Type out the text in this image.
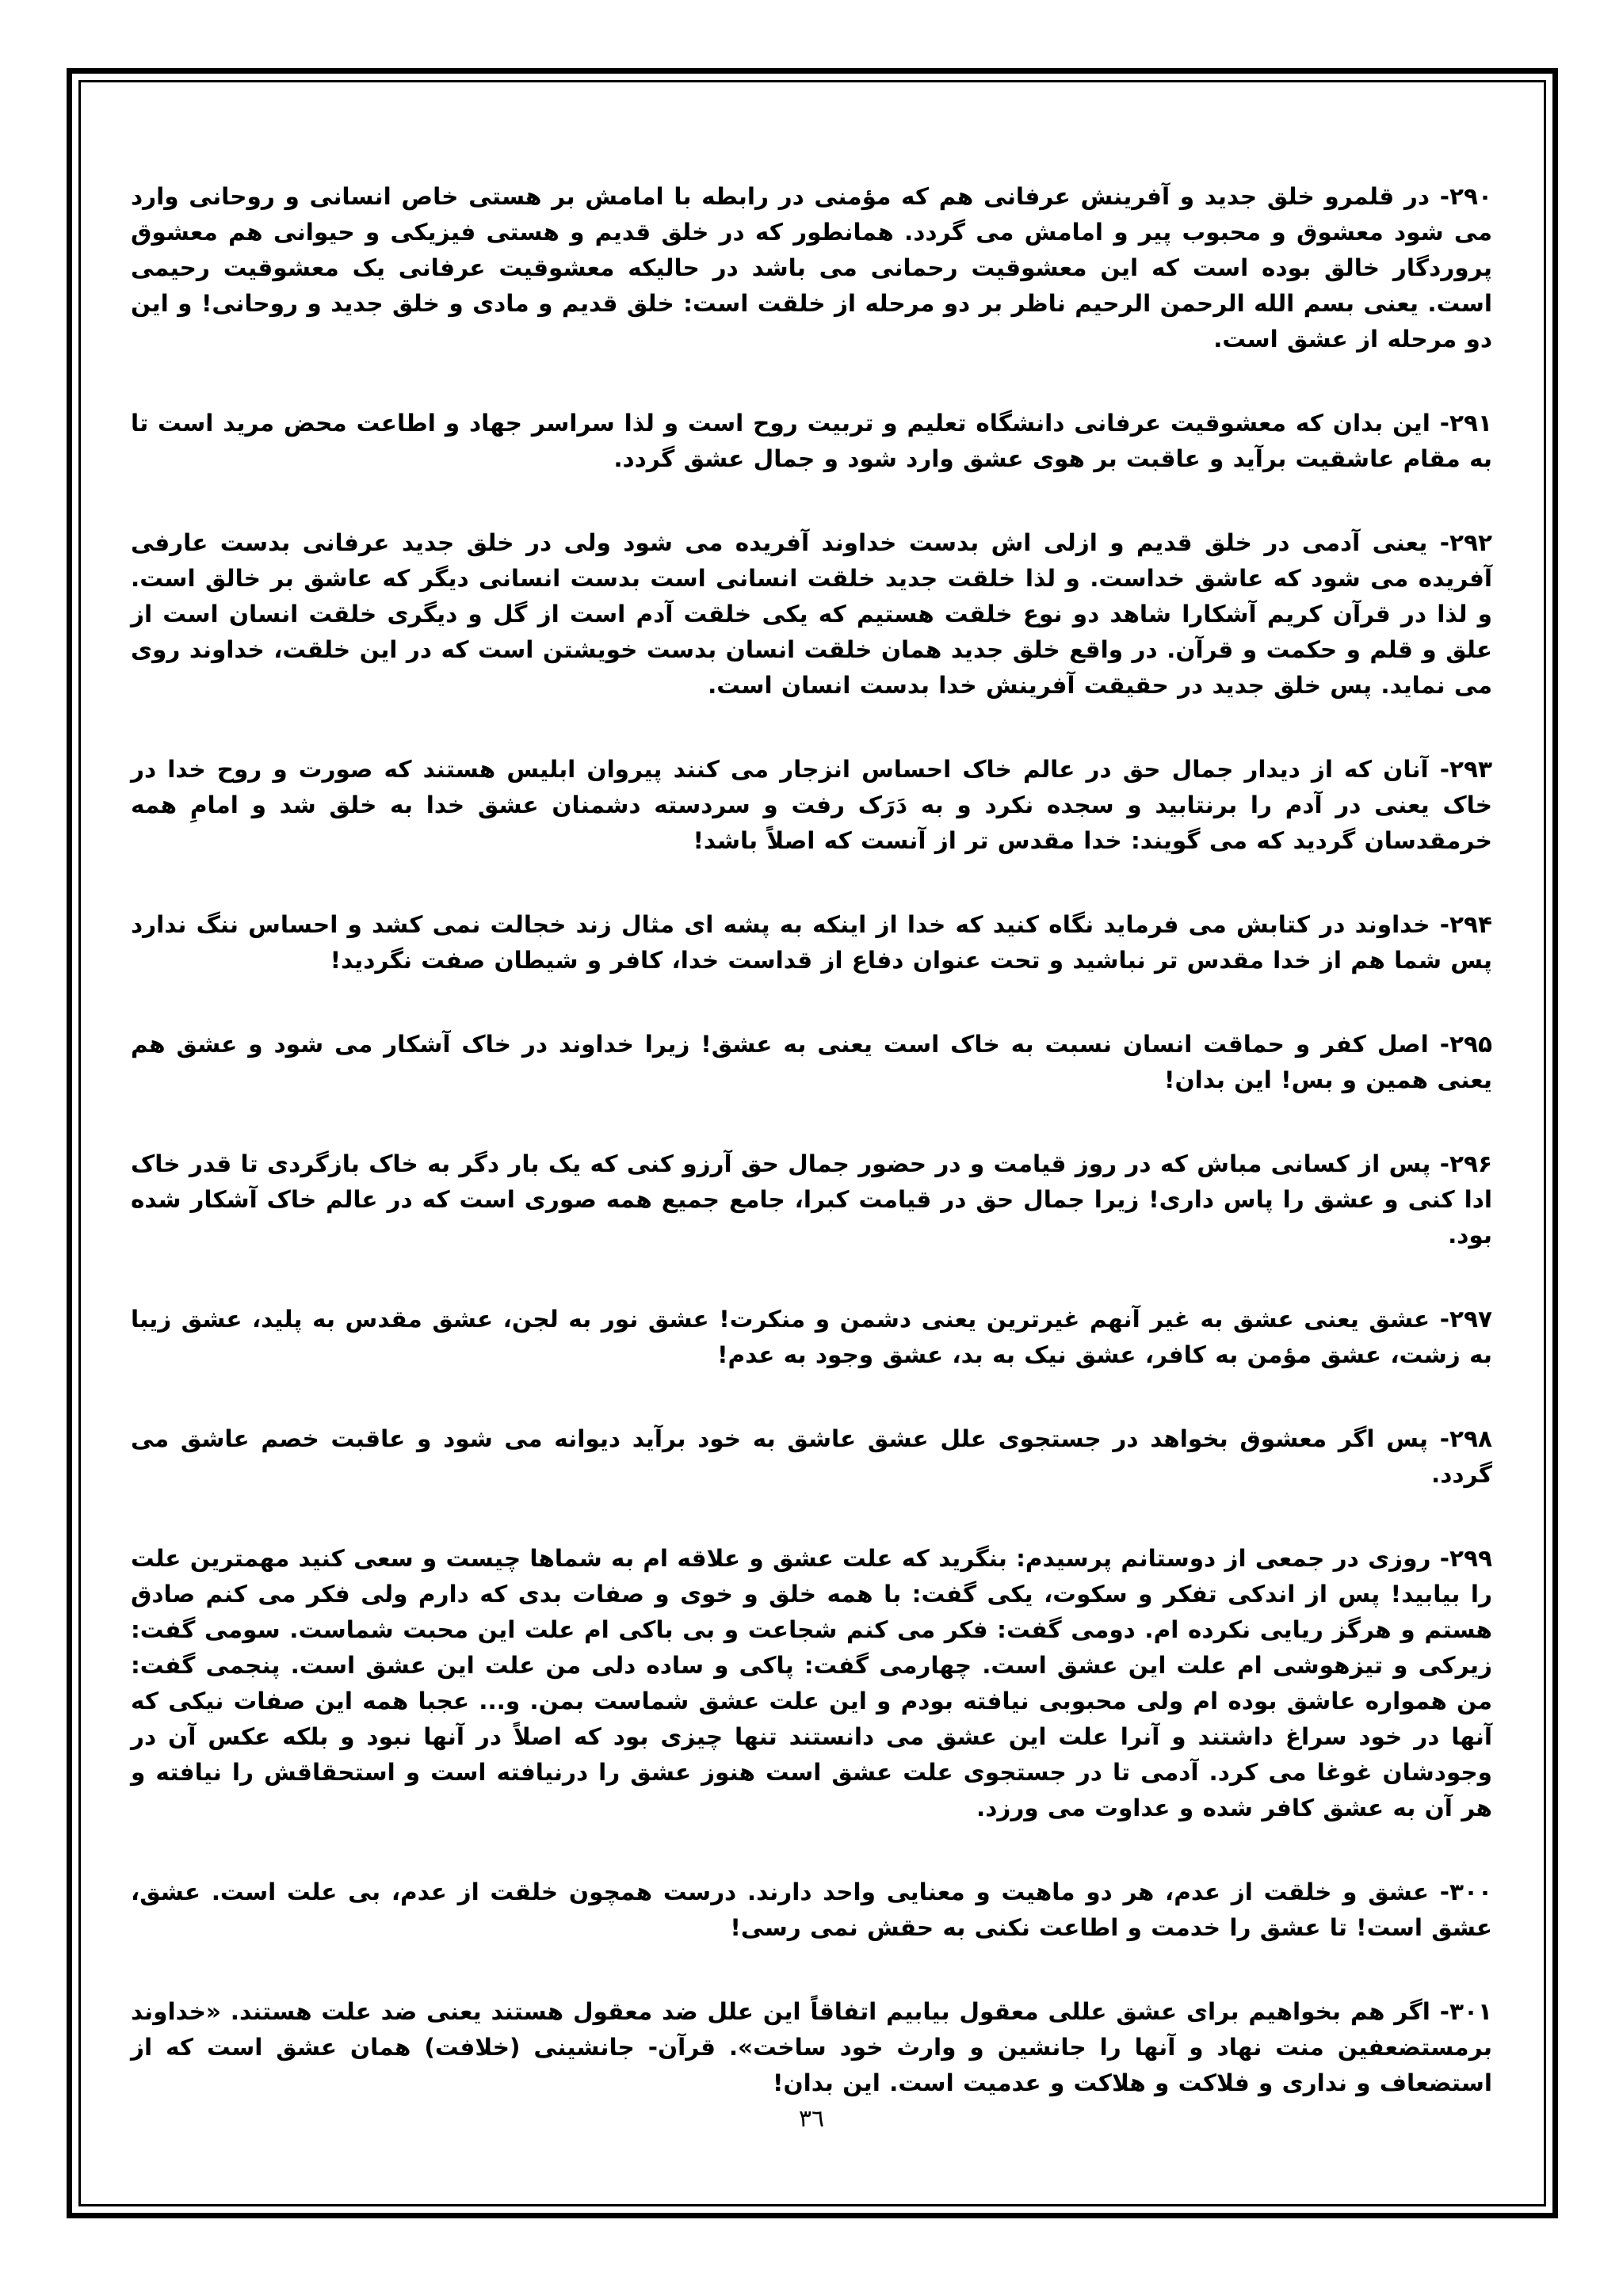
۲۹۰- در قلمرو خلق جدید و آفرینش عرفانی هم که مؤمنی در رابطه با امامش بر هستی خاص انسانی و روحانی وارد می شود معشوق و محبوب پیر و امامش می گردد. همانطور که در خلق قدیم و هستی فیزیکی و حیوانی هم معشوق پروردگار خالق بوده است که این معشوقیت رحمانی می باشد در حالیکه معشوقیت عرفانی یک معشوقیت رحیمی است. یعنی بسم الله الرحمن الرحیم ناظر بر دو مرحله از خلقت است: خلق قدیم و مادی و خلق جدید و روحانی! و این دو مرحله از عشق است.

۲۹۱- این بدان که معشوقیت عرفانی دانشگاه تعلیم و تربیت روح است و لذا سراسر جهاد و اطاعت محض مرید است تا به مقام عاشقیت برآید و عاقبت بر هوی عشق وارد شود و جمال عشق گردد.

۲۹۲- یعنی آدمی در خلق قدیم و ازلی اش بدست خداوند آفریده می شود ولی در خلق جدید عرفانی بدست عارفی آفریده می شود که عاشق خداست. و لذا خلقت جدید خلقت انسانی است بدست انسانی دیگر که عاشق بر خالق است. و لذا در قرآن کریم آشکارا شاهد دو نوع خلقت هستیم که یکی خلقت آدم است از گل و دیگری خلقت انسان است از علق و قلم و حکمت و قرآن. در واقع خلق جدید همان خلقت انسان بدست خویشتن است که در این خلقت، خداوند روی می نماید. پس خلق جدید در حقیقت آفرینش خدا بدست انسان است.

۲۹۳- آنان که از دیدار جمال حق در عالم خاک احساس انزجار می کنند پیروان ابلیس هستند که صورت و روح خدا در خاک یعنی در آدم را برنتابید و سجده نکرد و به دَرَک رفت و سردسته دشمنان عشق خدا به خلق شد و امامِ همه خرمقدسان گردید که می گویند: خدا مقدس تر از آنست که اصلاً باشد!

۲۹۴- خداوند در کتابش می فرماید نگاه کنید که خدا از اینکه به پشه ای مثال زند خجالت نمی کشد و احساس ننگ ندارد پس شما هم از خدا مقدس تر نباشید و تحت عنوان دفاع از قداست خدا، کافر و شیطان صفت نگردید!

۲۹۵- اصل کفر و حماقت انسان نسبت به خاک است یعنی به عشق! زیرا خداوند در خاک آشکار می شود و عشق هم یعنی همین و بس! این بدان!

۲۹۶- پس از کسانی مباش که در روز قیامت و در حضور جمال حق آرزو کنی که یک بار دگر به خاک بازگردی تا قدر خاک ادا کنی و عشق را پاس داری! زیرا جمال حق در قیامت کبرا، جامع جمیع همه صوری است که در عالم خاک آشکار شده بود.

۲۹۷- عشق یعنی عشق به غیر آنهم غیرترین یعنی دشمن و منکرت! عشق نور به لجن، عشق مقدس به پلید، عشق زیبا به زشت، عشق مؤمن به کافر، عشق نیک به بد، عشق وجود به عدم!

۲۹۸- پس اگر معشوق بخواهد در جستجوی علل عشق عاشق به خود برآید دیوانه می شود و عاقبت خصم عاشق می گردد.

۲۹۹- روزی در جمعی از دوستانم پرسیدم: بنگرید که علت عشق و علاقه ام به شماها چیست و سعی کنید مهمترین علت را بیابید! پس از اندکی تفکر و سکوت، یکی گفت: با همه خلق و خوی و صفات بدی که دارم ولی فکر می کنم صادق هستم و هرگز ریایی نکرده ام. دومی گفت: فکر می کنم شجاعت و بی باکی ام علت این محبت شماست. سومی گفت: زیرکی و تیزهوشی ام علت این عشق است. چهارمی گفت: پاکی و ساده دلی من علت این عشق است. پنجمی گفت: من همواره عاشق بوده ام ولی محبوبی نیافته بودم و این علت عشق شماست بمن. و... عجبا همه این صفات نیکی که آنها در خود سراغ داشتند و آنرا علت این عشق می دانستند تنها چیزی بود که اصلاً در آنها نبود و بلکه عکس آن در وجودشان غوغا می کرد. آدمی تا در جستجوی علت عشق است هنوز عشق را درنیافته است و استحقاقش را نیافته و هر آن به عشق کافر شده و عداوت می ورزد.

۳۰۰- عشق و خلقت از عدم، هر دو ماهیت و معنایی واحد دارند. درست همچون خلقت از عدم، بی علت است. عشق، عشق است! تا عشق را خدمت و اطاعت نکنی به حقش نمی رسی!

۳۰۱- اگر هم بخواهیم برای عشق عللی معقول بیابیم اتفاقاً این علل ضد معقول هستند یعنی ضد علت هستند. «خداوند برمستضعفین منت نهاد و آنها را جانشین و وارث خود ساخت». قرآن- جانشینی (خلافت) همان عشق است که از استضعاف و نداری و فلاکت و هلاکت و عدمیت است. این بدان!

۳٦
